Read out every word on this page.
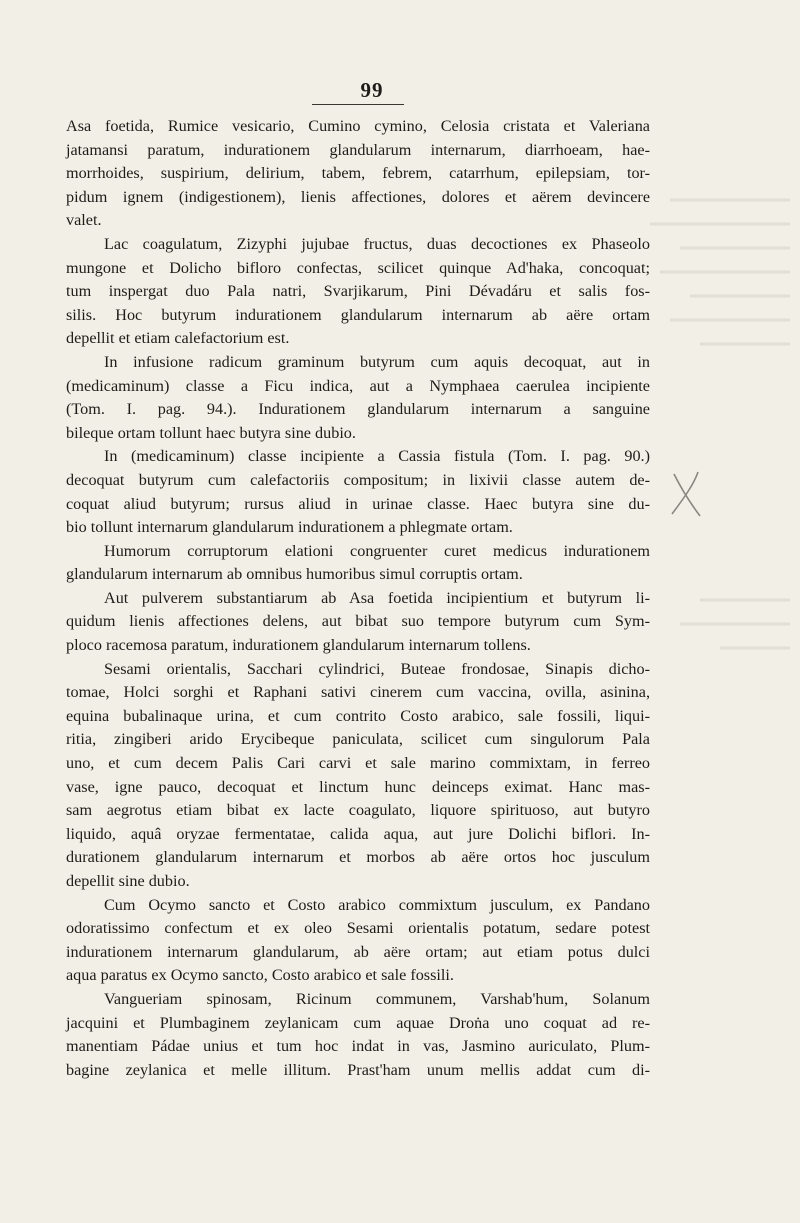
99
Asa foetida, Rumice vesicario, Cumino cymino, Celosia cristata et Valeriana
jatamansi paratum, indurationem glandularum internarum, diarrhoeam, hae-
morrhoides, suspirium, delirium, tabem, febrem, catarrhum, epilepsiam, tor-
pidum ignem (indigestionem), lienis affectiones, dolores et aërem devincere
valet.
Lac coagulatum, Zizyphi jujubae fructus, duas decoctiones ex Phaseolo
mungone et Dolicho bifloro confectas, scilicet quinque Ad'haka, concoquat;
tum inspergat duo Pala natri, Svarjikarum, Pini Dévadáru et salis fos-
silis. Hoc butyrum indurationem glandularum internarum ab aëre ortam
depellit et etiam calefactorium est.
In infusione radicum graminum butyrum cum aquis decoquat, aut in
(medicaminum) classe a Ficu indica, aut a Nymphaea caerulea incipiente
(Tom. I. pag. 94.). Indurationem glandularum internarum a sanguine
bileque ortam tollunt haec butyra sine dubio.
In (medicaminum) classe incipiente a Cassia fistula (Tom. I. pag. 90.)
decoquat butyrum cum calefactoriis compositum; in lixivii classe autem de-
coquat aliud butyrum; rursus aliud in urinae classe. Haec butyra sine du-
bio tollunt internarum glandularum indurationem a phlegmate ortam.
Humorum corruptorum elationi congruenter curet medicus indurationem
glandularum internarum ab omnibus humoribus simul corruptis ortam.
Aut pulverem substantiarum ab Asa foetida incipientium et butyrum li-
quidum lienis affectiones delens, aut bibat suo tempore butyrum cum Sym-
ploco racemosa paratum, indurationem glandularum internarum tollens.
Sesami orientalis, Sacchari cylindrici, Buteae frondosae, Sinapis dicho-
tomae, Holci sorghi et Raphani sativi cinerem cum vaccina, ovilla, asinina,
equina bubalinaque urina, et cum contrito Costo arabico, sale fossili, liqui-
ritia, zingiberi arido Erycibeque paniculata, scilicet cum singulorum Pala
uno, et cum decem Palis Cari carvi et sale marino commixtam, in ferreo
vase, igne pauco, decoquat et linctum hunc deinceps eximat. Hanc mas-
sam aegrotus etiam bibat ex lacte coagulato, liquore spirituoso, aut butyro
liquido, aquâ oryzae fermentatae, calida aqua, aut jure Dolichi biflori. In-
durationem glandularum internarum et morbos ab aëre ortos hoc jusculum
depellit sine dubio.
Cum Ocymo sancto et Costo arabico commixtum jusculum, ex Pandano
odoratissimo confectum et ex oleo Sesami orientalis potatum, sedare potest
indurationem internarum glandularum, ab aëre ortam; aut etiam potus dulci
aqua paratus ex Ocymo sancto, Costo arabico et sale fossili.
Vangueriam spinosam, Ricinum communem, Varshab'hum, Solanum
jacquini et Plumbaginem zeylanicam cum aquae Droṅa uno coquat ad re-
manentiam Pádae unius et tum hoc indat in vas, Jasmino auriculato, Plum-
bagine zeylanica et melle illitum. Prast'ham unum mellis addat cum di-
